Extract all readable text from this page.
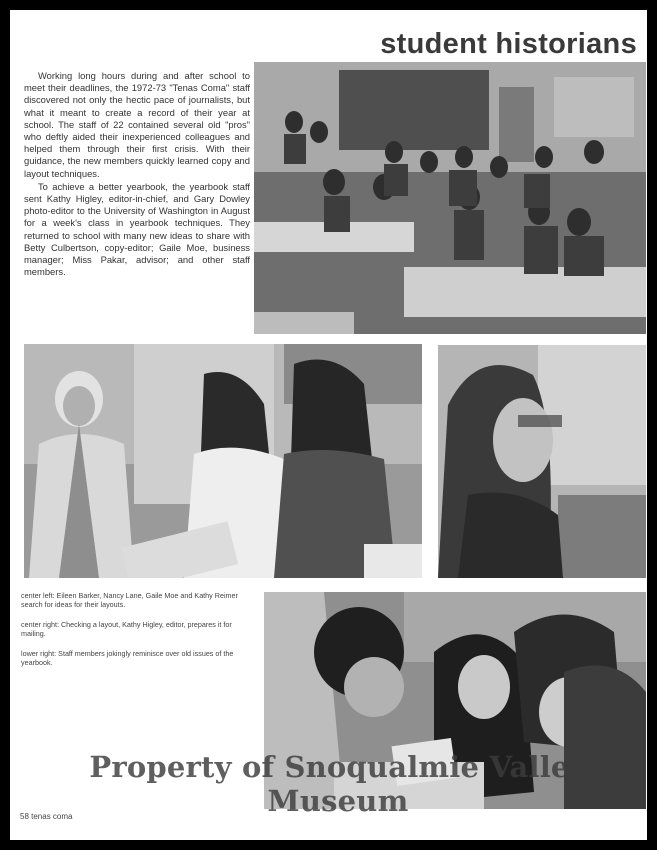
student historians

Working long hours during and after school to meet their deadlines, the 1972-73 "Tenas Coma" staff discovered not only the hectic pace of journalists, but what it meant to create a record of their year at school. The staff of 22 contained several old "pros" who deftly aided their inexperienced colleagues and helped them through their first crisis. With their guidance, the new members quickly learned copy and layout techniques.

To achieve a better yearbook, the yearbook staff sent Kathy Higley, editor-in-chief, and Gary Dowley photo-editor to the University of Washington in August for a week's class in yearbook techniques. They returned to school with many new ideas to share with Betty Culbertson, copy-editor; Gaile Moe, business manager; Miss Pakar, advisor; and other staff members.

center left: Eileen Barker, Nancy Lane, Gaile Moe and Kathy Reimer search for ideas for their layouts.
center right: Checking a layout, Kathy Higley, editor, prepares it for mailing.
lower right: Staff members jokingly reminisce over old issues of the yearbook.
Property of Snoqualmie Valley Museum
58 tenas coma
